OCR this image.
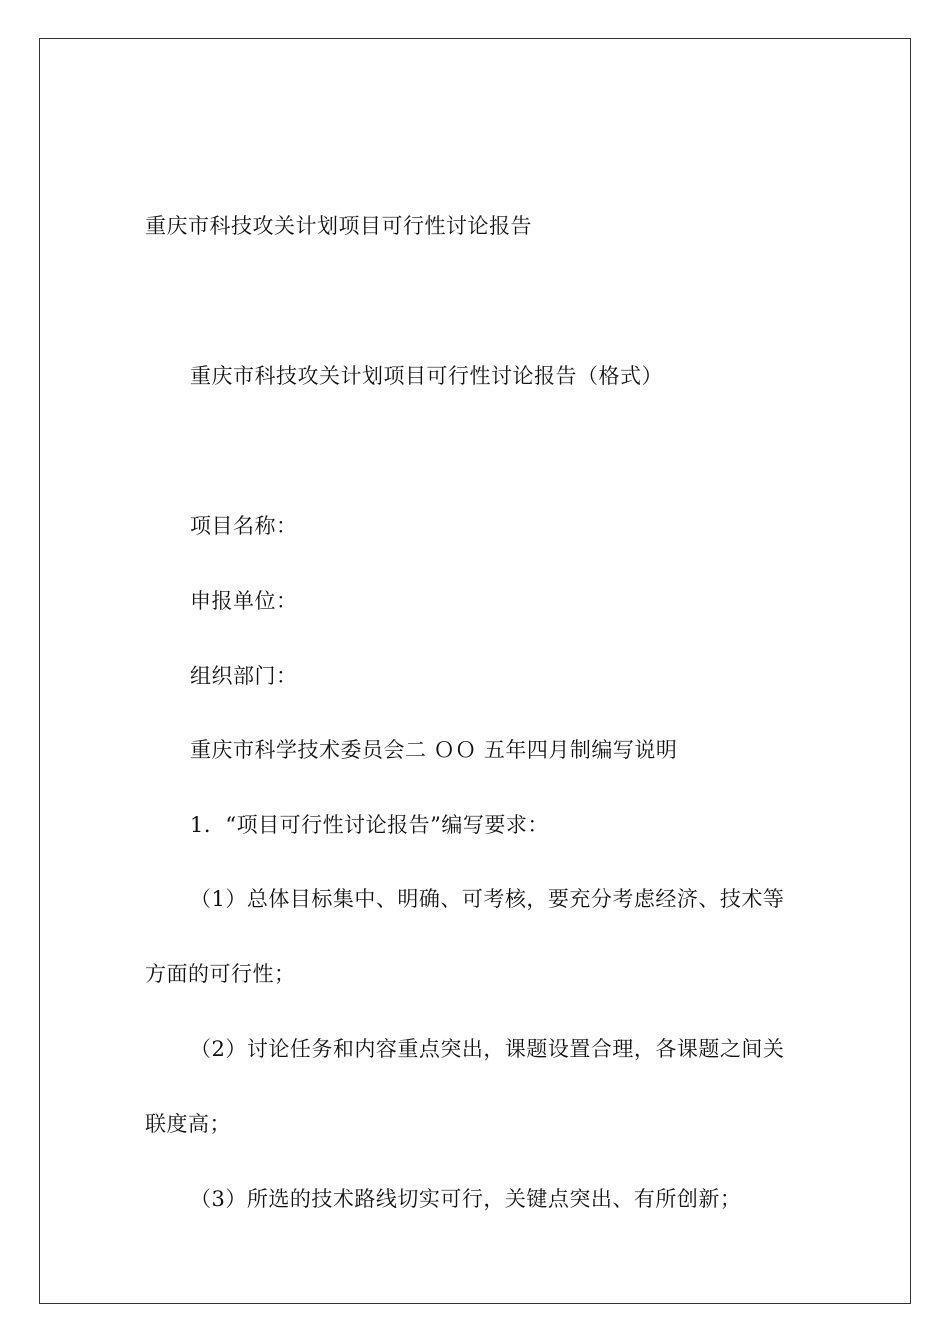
重庆市科技攻关计划项目可行性讨论报告
重庆市科技攻关计划项目可行性讨论报告（格式）
项目名称：
申报单位：
组织部门：
重庆市科学技术委员会二 ＯＯ 五年四月制编写说明
1．“项目可行性讨论报告”编写要求：
（1）总体目标集中、明确、可考核，要充分考虑经济、技术等
方面的可行性；
（2）讨论任务和内容重点突出，课题设置合理，各课题之间关
联度高；
（3）所选的技术路线切实可行，关键点突出、有所创新；
